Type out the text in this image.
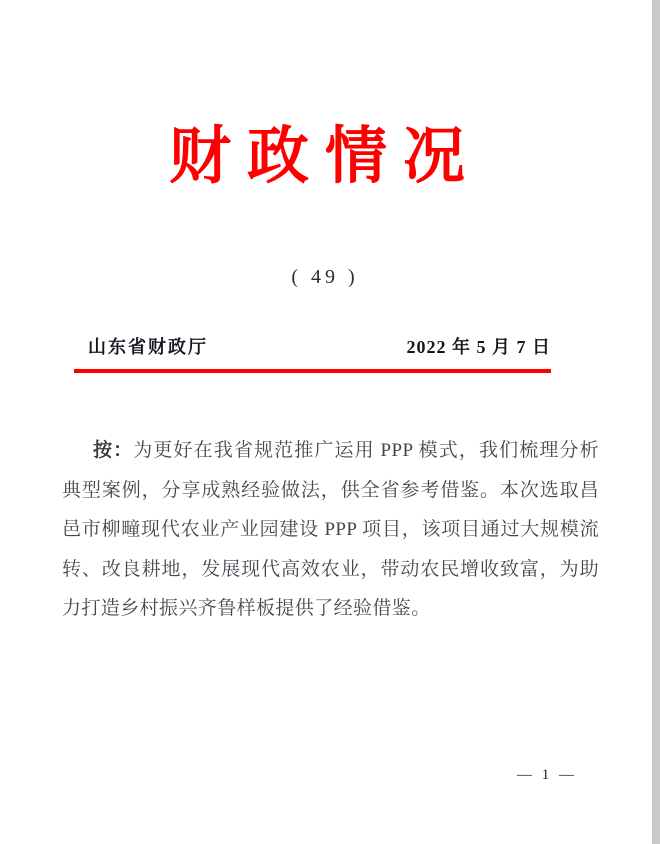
财政情况
( 49 )
山东省财政厅	2022 年 5 月 7 日

按：为更好在我省规范推广运用 PPP 模式，我们梳理分析典型案例，分享成熟经验做法，供全省参考借鉴。本次选取昌邑市柳疃现代农业产业园建设 PPP 项目，该项目通过大规模流转、改良耕地，发展现代高效农业，带动农民增收致富，为助力打造乡村振兴齐鲁样板提供了经验借鉴。

— 1 —
